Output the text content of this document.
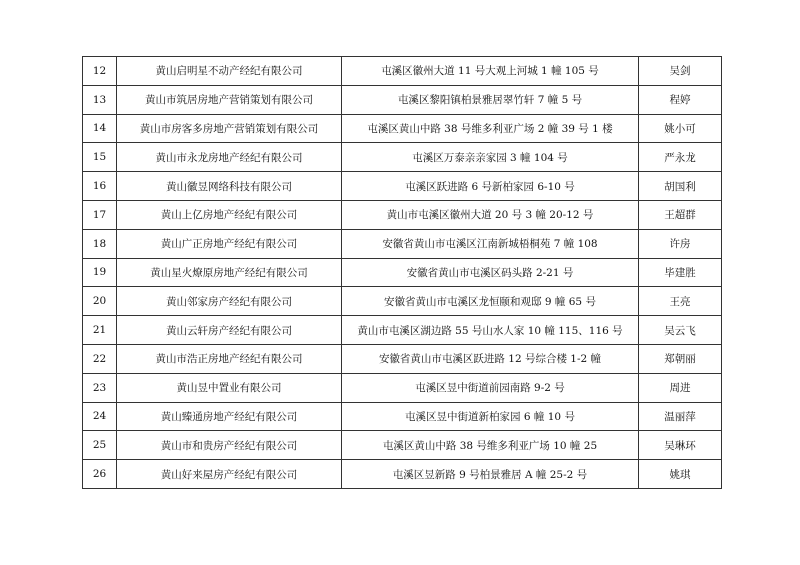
12	黄山启明星不动产经纪有限公司	屯溪区徽州大道 11 号大观上河城 1 幢 105 号	吴剑
13	黄山市筑居房地产营销策划有限公司	屯溪区黎阳镇柏景雅居翠竹轩 7 幢 5 号	程婷
14	黄山市房客多房地产营销策划有限公司	屯溪区黄山中路 38 号维多利亚广场 2 幢 39 号 1 楼	姚小可
15	黄山市永龙房地产经纪有限公司	屯溪区万泰亲亲家园 3 幢 104 号	严永龙
16	黄山徽昱网络科技有限公司	屯溪区跃进路 6 号新柏家园 6-10 号	胡国利
17	黄山上亿房地产经纪有限公司	黄山市屯溪区徽州大道 20 号 3 幢 20-12 号	王超群
18	黄山广正房地产经纪有限公司	安徽省黄山市屯溪区江南新城梧桐苑 7 幢 108	许房
19	黄山星火燎原房地产经纪有限公司	安徽省黄山市屯溪区码头路 2-21 号	毕建胜
20	黄山邻家房产经纪有限公司	安徽省黄山市屯溪区龙恒颐和观邸 9 幢 65 号	王亮
21	黄山云轩房产经纪有限公司	黄山市屯溪区湖边路 55 号山水人家 10 幢 115、116 号	吴云飞
22	黄山市浩正房地产经纪有限公司	安徽省黄山市屯溪区跃进路 12 号综合楼 1-2 幢	郑朝丽
23	黄山昱中置业有限公司	屯溪区昱中街道前园南路 9-2 号	周进
24	黄山臻通房地产经纪有限公司	屯溪区昱中街道新柏家园 6 幢 10 号	温丽萍
25	黄山市和贵房产经纪有限公司	屯溪区黄山中路 38 号维多利亚广场 10 幢 25	吴琳环
26	黄山好来屋房产经纪有限公司	屯溪区昱新路 9 号柏景雅居 A 幢 25-2 号	姚琪
